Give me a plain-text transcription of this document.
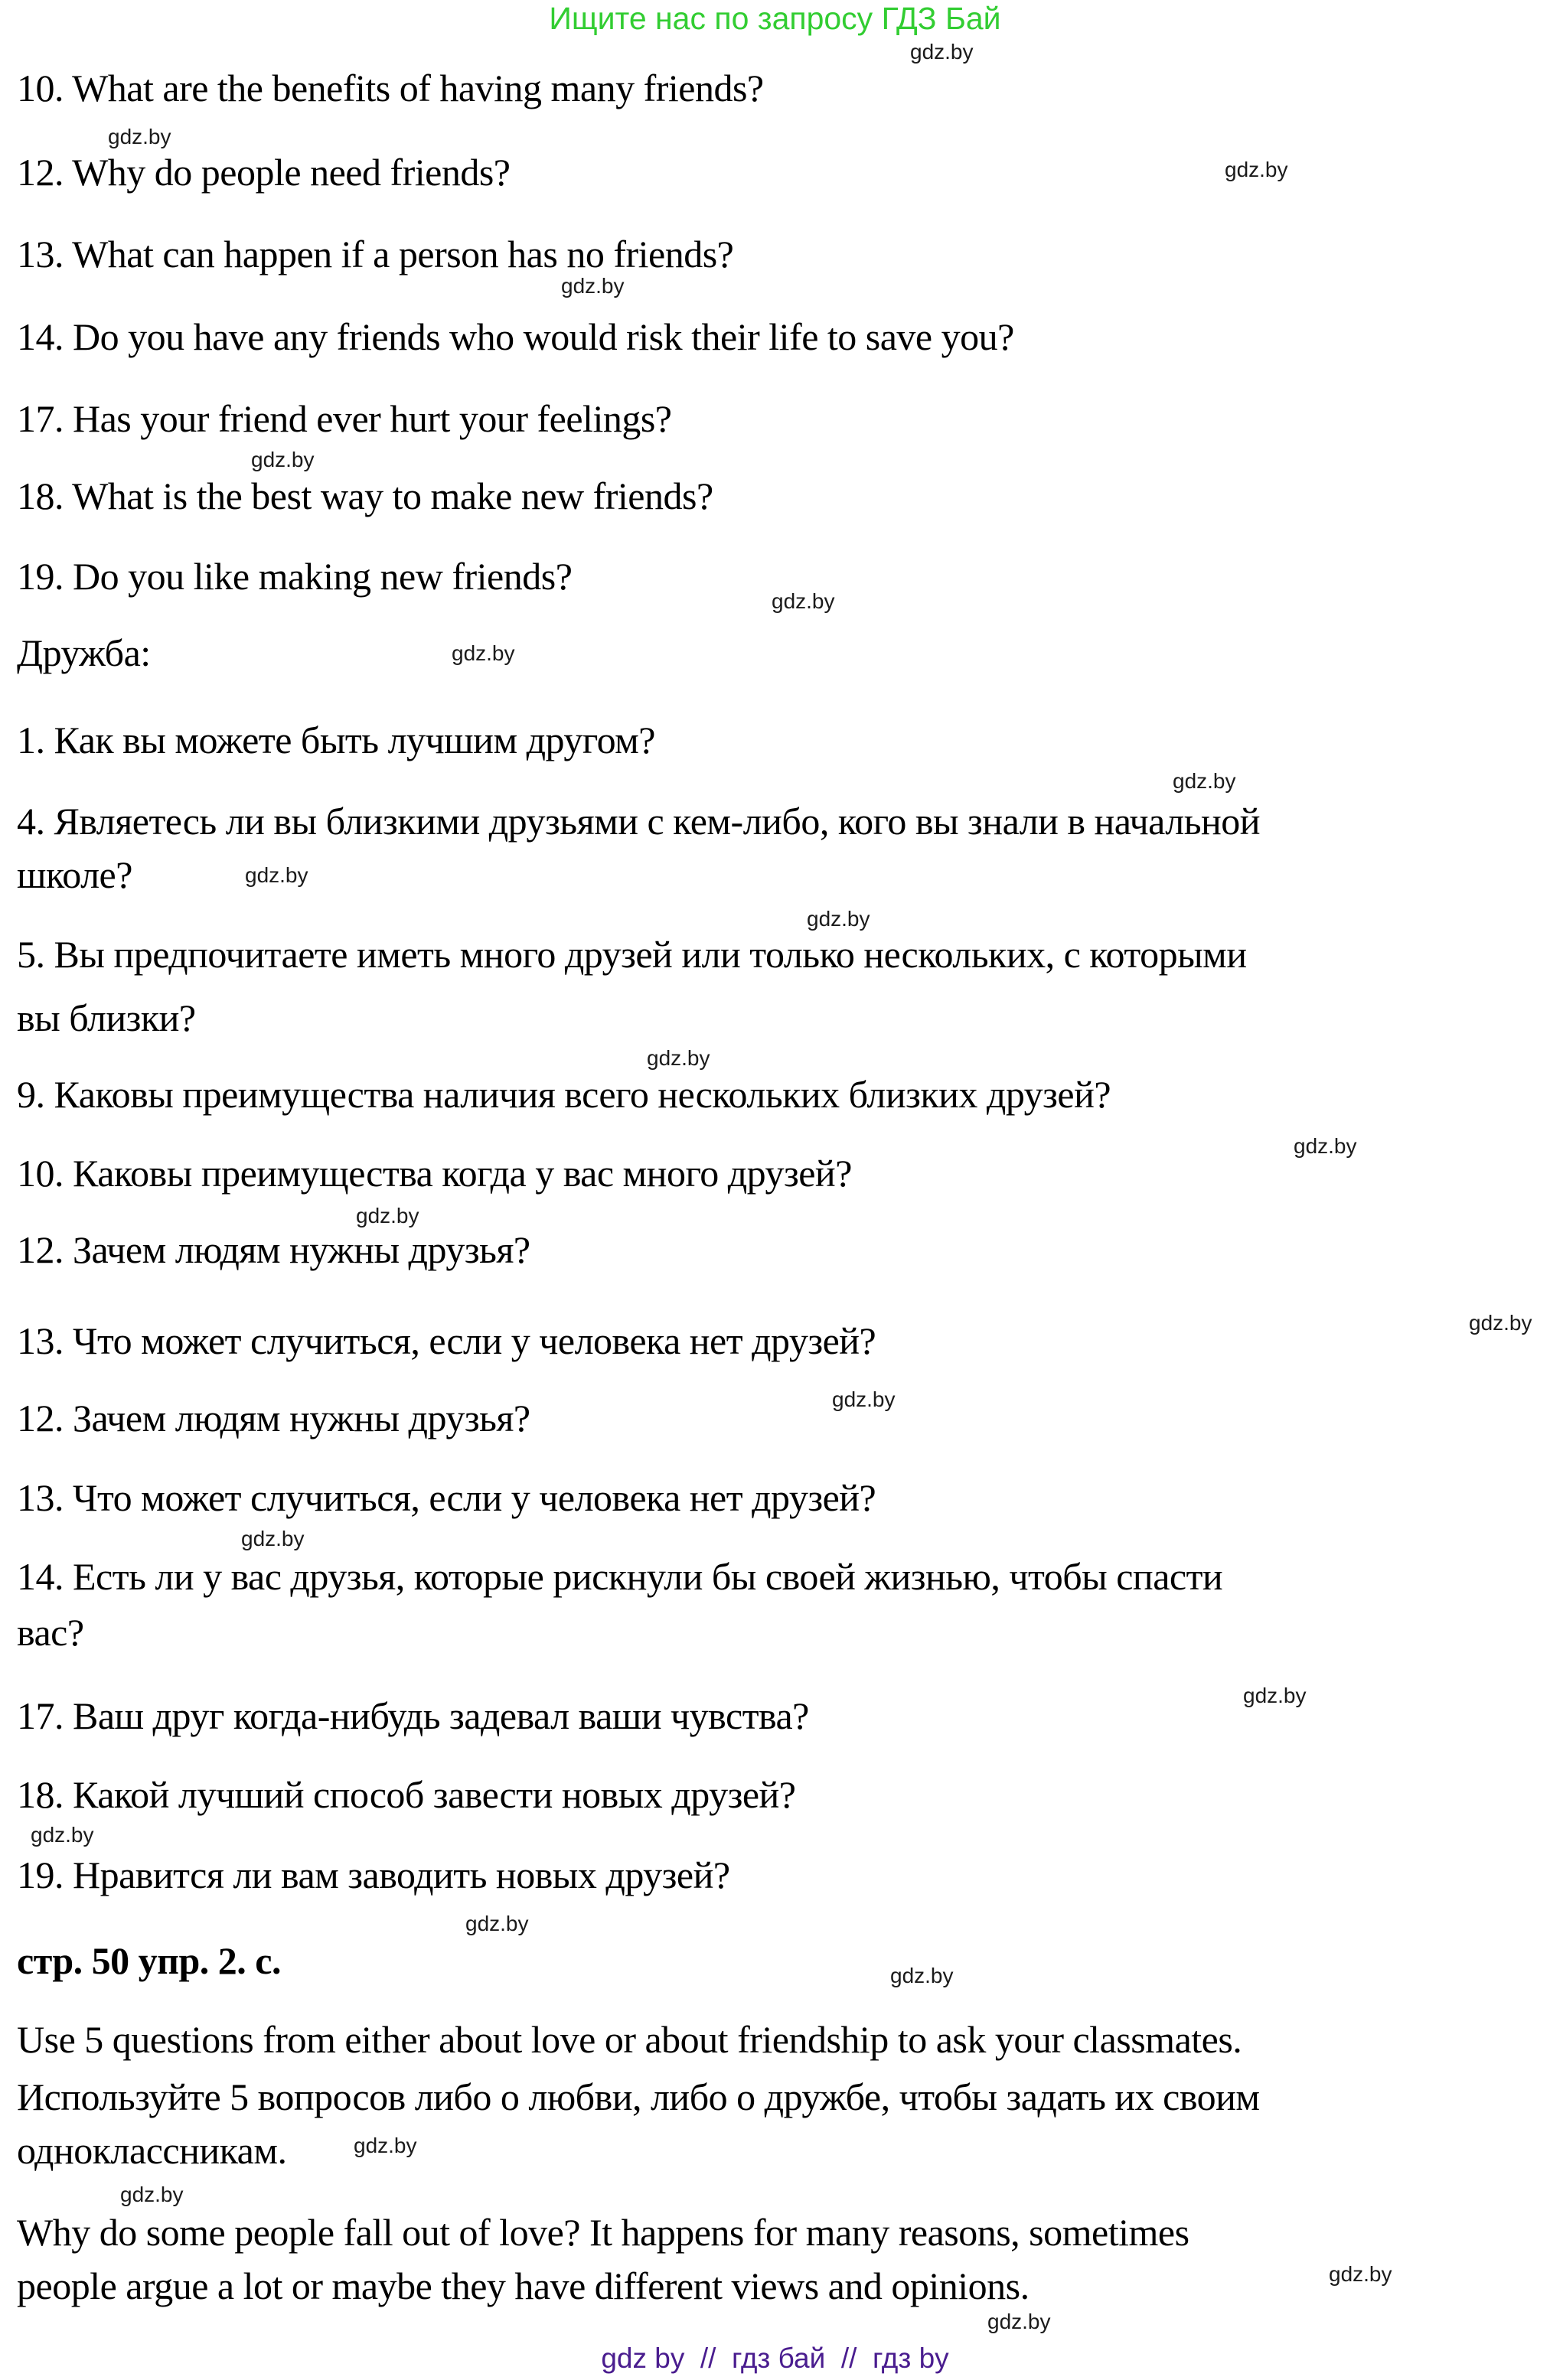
Ищите нас по запросу ГДЗ Бай
10. What are the benefits of having many friends?
12. Why do people need friends?
13. What can happen if a person has no friends?
14. Do you have any friends who would risk their life to save you?
17. Has your friend ever hurt your feelings?
18. What is the best way to make new friends?
19. Do you like making new friends?
Дружба:
1. Как вы можете быть лучшим другом?
4. Являетесь ли вы близкими друзьями с кем-либо, кого вы знали в начальной
школе?
5. Вы предпочитаете иметь много друзей или только нескольких, с которыми
вы близки?
9. Каковы преимущества наличия всего нескольких близких друзей?
10. Каковы преимущества когда у вас много друзей?
12. Зачем людям нужны друзья?
13. Что может случиться, если у человека нет друзей?
12. Зачем людям нужны друзья?
13. Что может случиться, если у человека нет друзей?
14. Есть ли у вас друзья, которые рискнули бы своей жизнью, чтобы спасти
вас?
17. Ваш друг когда-нибудь задевал ваши чувства?
18. Какой лучший способ завести новых друзей?
19. Нравится ли вам заводить новых друзей?
стр. 50 упр. 2. с.
Use 5 questions from either about love or about friendship to ask your classmates.
Используйте 5 вопросов либо о любви, либо о дружбе, чтобы задать их своим
одноклассникам.
Why do some people fall out of love? It happens for many reasons, sometimes
people argue a lot or maybe they have different views and opinions.
gdz.by
gdz.by
gdz.by
gdz.by
gdz.by
gdz.by
gdz.by
gdz.by
gdz.by
gdz.by
gdz.by
gdz.by
gdz.by
gdz.by
gdz.by
gdz.by
gdz.by
gdz.by
gdz.by
gdz.by
gdz.by
gdz.by
gdz.by
gdz.by
gdz by  //  гдз бай  //  гдз by
